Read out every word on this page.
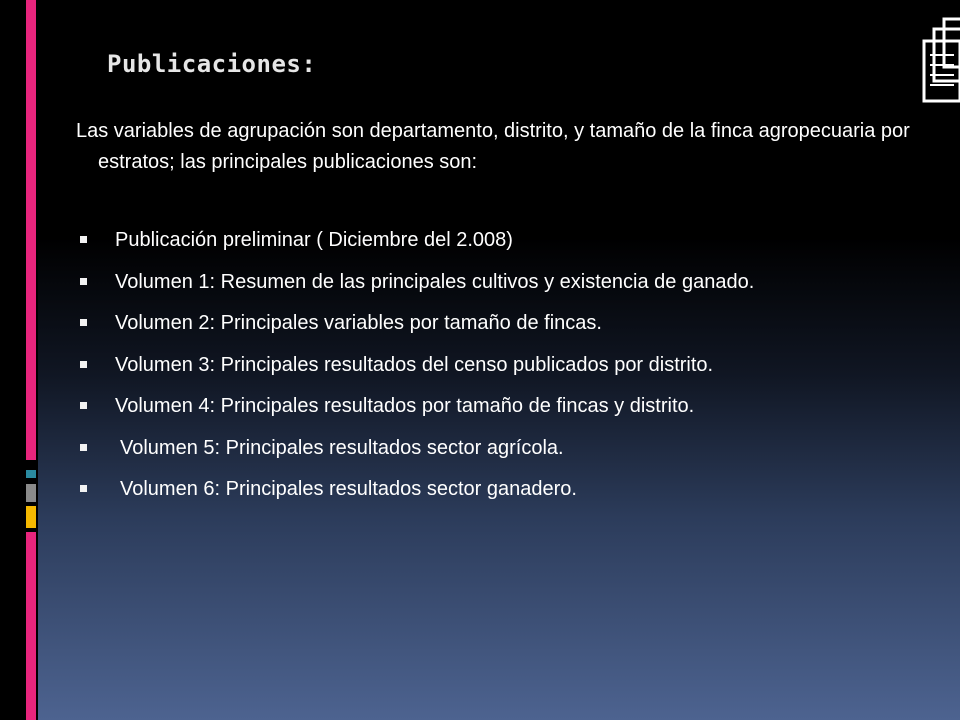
Publicaciones:
Las variables de agrupación son departamento, distrito, y tamaño de la finca agropecuaria por estratos; las principales publicaciones son:
Publicación preliminar ( Diciembre del 2.008)
Volumen 1: Resumen de las principales cultivos y existencia de ganado.
Volumen 2: Principales variables por tamaño de fincas.
Volumen 3: Principales resultados del censo publicados por distrito.
Volumen 4: Principales resultados por tamaño de fincas y distrito.
Volumen 5: Principales resultados sector agrícola.
Volumen 6: Principales resultados sector ganadero.
